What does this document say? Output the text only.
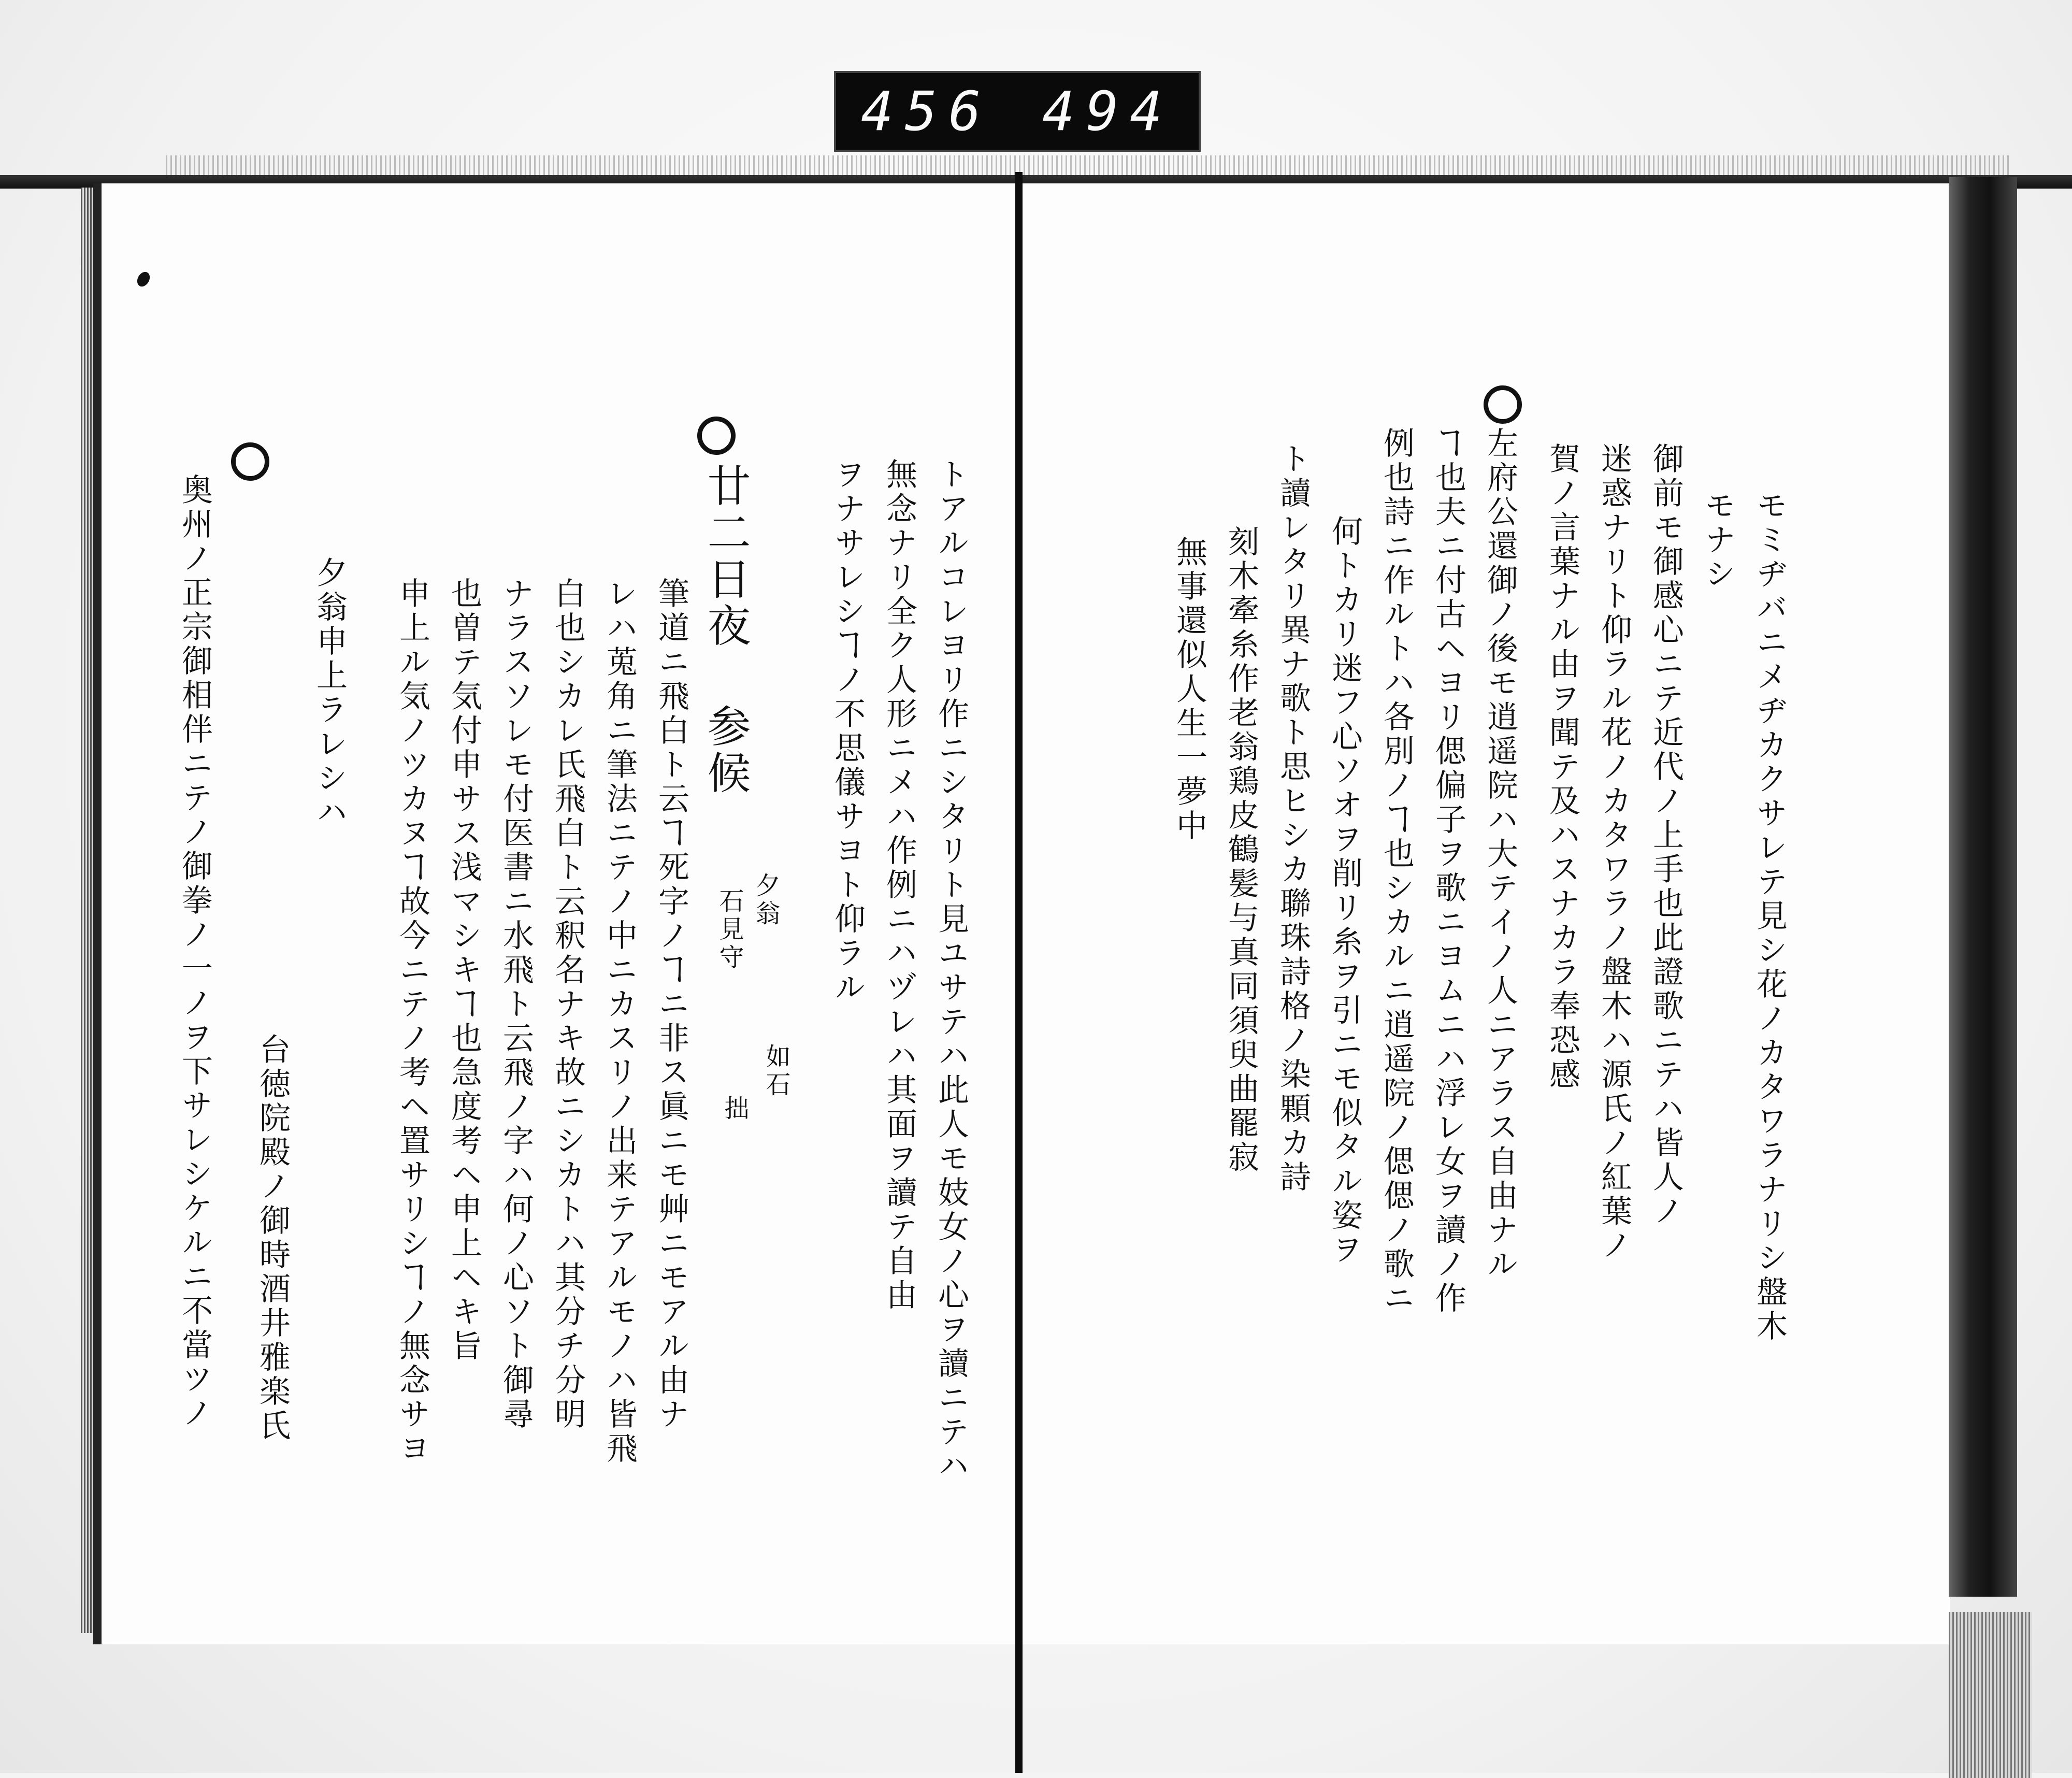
456 494
トアルコレヨリ作ニシタリト見ユサテハ此人モ妓女ノ心ヲ讀ニテハ
無念ナリ全ク人形ニメハ作例ニハヅレハ其面ヲ讀テ自由
ヲナサレシヿノ不思儀サヨト仰ラル
廿二日夜 参候
夕翁
石見守
如石
拙
筆道ニ飛白ト云ヿ死字ノヿニ非ス眞ニモ艸ニモアル由ナ
レハ莵角ニ筆法ニテノ中ニカスリノ出来テアルモノハ皆飛
白也シカレ氏飛白ト云釈名ナキ故ニシカトハ其分チ分明
ナラスソレモ付医書ニ水飛ト云飛ノ字ハ何ノ心ソト御尋
也曽テ気付申サス浅マシキヿ也急度考ヘ申上ヘキ旨
申上ル気ノツカヌヿ故今ニテノ考ヘ置サリシヿノ無念サヨ
夕翁申上ラレシハ
奥州ノ正宗御相伴ニテノ御拳ノ一ノヲ下サレシケルニ不當ツノ 台徳院殿ノ御時酒井雅楽氏	モミヂバニメヂカクサレテ見シ花ノカタワラナリシ盤木
モナシ
御前モ御感心ニテ近代ノ上手也此證歌ニテハ皆人ノ
迷惑ナリト仰ラル花ノカタワラノ盤木ハ源氏ノ紅葉ノ
賀ノ言葉ナル由ヲ聞テ及ハスナカラ奉恐感
左府公還御ノ後モ逍遥院ハ大テイノ人ニアラス自由ナル
ヿ也夫ニ付古ヘヨリ偲偏子ヲ歌ニヨムニハ浮レ女ヲ讀ノ作
例也詩ニ作ルトハ各別ノヿ也シカルニ逍遥院ノ偲偲ノ歌ニ
何トカリ迷フ心ソオヲ削リ糸ヲ引ニモ似タル姿ヲ
ト讀レタリ異ナ歌ト思ヒシカ聯珠詩格ノ染顆カ詩
刻木牽糸作老翁鶏皮鶴髪与真同須臾曲罷寂
無事還似人生一夢中
